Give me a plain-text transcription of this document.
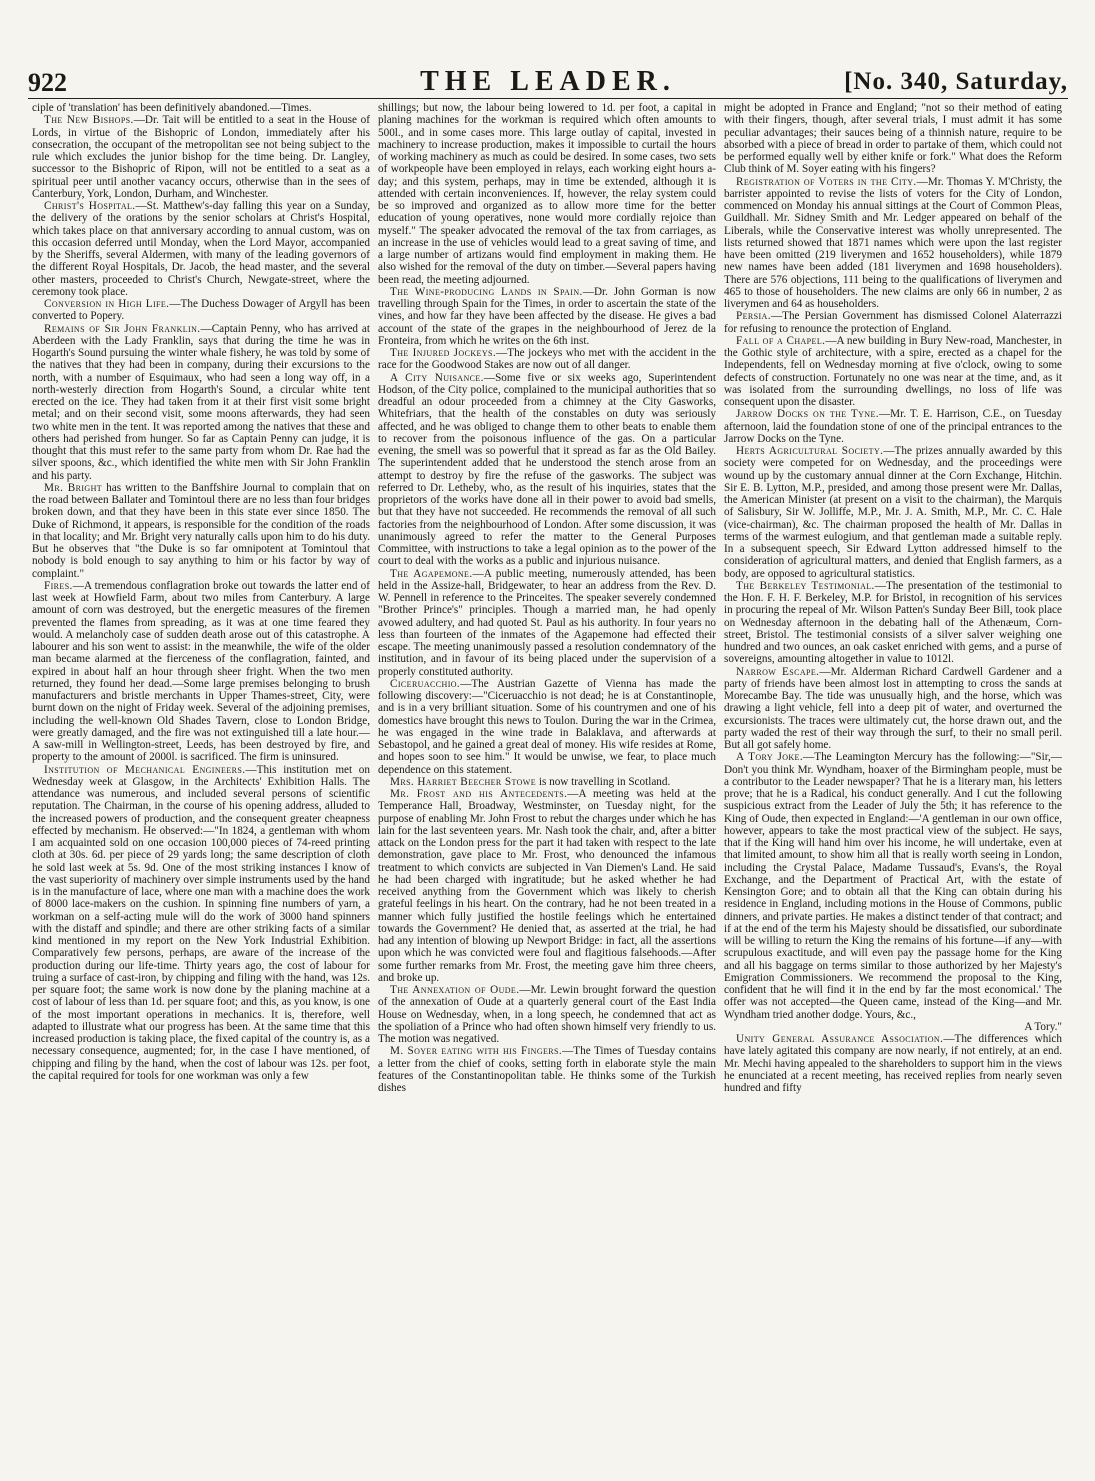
922	THE LEADER.	[No. 340, Saturday,

ciple of 'translation' has been definitively abandoned.—Times.

The New Bishops.—Dr. Tait will be entitled to a seat in the House of Lords, in virtue of the Bishopric of London, immediately after his consecration, the occupant of the metropolitan see not being subject to the rule which excludes the junior bishop for the time being. Dr. Langley, successor to the Bishopric of Ripon, will not be entitled to a seat as a spiritual peer until another vacancy occurs, otherwise than in the sees of Canterbury, York, London, Durham, and Winchester.

Christ's Hospital.—St. Matthew's-day falling this year on a Sunday, the delivery of the orations by the senior scholars at Christ's Hospital, which takes place on that anniversary according to annual custom, was on this occasion deferred until Monday, when the Lord Mayor, accompanied by the Sheriffs, several Aldermen, with many of the leading governors of the different Royal Hospitals, Dr. Jacob, the head master, and the several other masters, proceeded to Christ's Church, Newgate-street, where the ceremony took place.

Conversion in High Life.—The Duchess Dowager of Argyll has been converted to Popery.

Remains of Sir John Franklin.—Captain Penny, who has arrived at Aberdeen with the Lady Franklin, says that during the time he was in Hogarth's Sound pursuing the winter whale fishery, he was told by some of the natives that they had been in company, during their excursions to the north, with a number of Esquimaux, who had seen a long way off, in a north-westerly direction from Hogarth's Sound, a circular white tent erected on the ice. They had taken from it at their first visit some bright metal; and on their second visit, some moons afterwards, they had seen two white men in the tent. It was reported among the natives that these and others had perished from hunger. So far as Captain Penny can judge, it is thought that this must refer to the same party from whom Dr. Rae had the silver spoons, &c., which identified the white men with Sir John Franklin and his party.

Mr. Bright has written to the Banffshire Journal to complain that on the road between Ballater and Tomintoul there are no less than four bridges broken down, and that they have been in this state ever since 1850. The Duke of Richmond, it appears, is responsible for the condition of the roads in that locality; and Mr. Bright very naturally calls upon him to do his duty. But he observes that "the Duke is so far omnipotent at Tomintoul that nobody is bold enough to say anything to him or his factor by way of complaint."

Fires.—A tremendous conflagration broke out towards the latter end of last week at Howfield Farm, about two miles from Canterbury. A large amount of corn was destroyed, but the energetic measures of the firemen prevented the flames from spreading, as it was at one time feared they would. A melancholy case of sudden death arose out of this catastrophe. A labourer and his son went to assist: in the meanwhile, the wife of the older man became alarmed at the fierceness of the conflagration, fainted, and expired in about half an hour through sheer fright. When the two men returned, they found her dead.—Some large premises belonging to brush manufacturers and bristle merchants in Upper Thames-street, City, were burnt down on the night of Friday week. Several of the adjoining premises, including the well-known Old Shades Tavern, close to London Bridge, were greatly damaged, and the fire was not extinguished till a late hour.—A saw-mill in Wellington-street, Leeds, has been destroyed by fire, and property to the amount of 2000l. is sacrificed. The firm is uninsured.

Institution of Mechanical Engineers.—This institution met on Wednesday week at Glasgow, in the Architects' Exhibition Halls. The attendance was numerous, and included several persons of scientific reputation. The Chairman, in the course of his opening address, alluded to the increased powers of production, and the consequent greater cheapness effected by mechanism. He observed:—"In 1824, a gentleman with whom I am acquainted sold on one occasion 100,000 pieces of 74-reed printing cloth at 30s. 6d. per piece of 29 yards long; the same description of cloth he sold last week at 5s. 9d. One of the most striking instances I know of the vast superiority of machinery over simple instruments used by the hand is in the manufacture of lace, where one man with a machine does the work of 8000 lace-makers on the cushion. In spinning fine numbers of yarn, a workman on a self-acting mule will do the work of 3000 hand spinners with the distaff and spindle; and there are other striking facts of a similar kind mentioned in my report on the New York Industrial Exhibition. Comparatively few persons, perhaps, are aware of the increase of the production during our life-time. Thirty years ago, the cost of labour for truing a surface of cast-iron, by chipping and filing with the hand, was 12s. per square foot; the same work is now done by the planing machine at a cost of labour of less than 1d. per square foot; and this, as you know, is one of the most important operations in mechanics. It is, therefore, well adapted to illustrate what our progress has been. At the same time that this increased production is taking place, the fixed capital of the country is, as a necessary consequence, augmented; for, in the case I have mentioned, of chipping and filing by the hand, when the cost of labour was 12s. per foot, the capital required for tools for one workman was only a few

shillings; but now, the labour being lowered to 1d. per foot, a capital in planing machines for the workman is required which often amounts to 500l., and in some cases more. This large outlay of capital, invested in machinery to increase production, makes it impossible to curtail the hours of working machinery as much as could be desired. In some cases, two sets of workpeople have been employed in relays, each working eight hours a-day; and this system, perhaps, may in time be extended, although it is attended with certain inconveniences. If, however, the relay system could be so improved and organized as to allow more time for the better education of young operatives, none would more cordially rejoice than myself." The speaker advocated the removal of the tax from carriages, as an increase in the use of vehicles would lead to a great saving of time, and a large number of artizans would find employment in making them. He also wished for the removal of the duty on timber.—Several papers having been read, the meeting adjourned.

The Wine-producing Lands in Spain.—Dr. John Gorman is now travelling through Spain for the Times, in order to ascertain the state of the vines, and how far they have been affected by the disease. He gives a bad account of the state of the grapes in the neighbourhood of Jerez de la Fronteira, from which he writes on the 6th inst.

The Injured Jockeys.—The jockeys who met with the accident in the race for the Goodwood Stakes are now out of all danger.

A City Nuisance.—Some five or six weeks ago, Superintendent Hodson, of the City police, complained to the municipal authorities that so dreadful an odour proceeded from a chimney at the City Gasworks, Whitefriars, that the health of the constables on duty was seriously affected, and he was obliged to change them to other beats to enable them to recover from the poisonous influence of the gas. On a particular evening, the smell was so powerful that it spread as far as the Old Bailey. The superintendent added that he understood the stench arose from an attempt to destroy by fire the refuse of the gasworks. The subject was referred to Dr. Letheby, who, as the result of his inquiries, states that the proprietors of the works have done all in their power to avoid bad smells, but that they have not succeeded. He recommends the removal of all such factories from the neighbourhood of London. After some discussion, it was unanimously agreed to refer the matter to the General Purposes Committee, with instructions to take a legal opinion as to the power of the court to deal with the works as a public and injurious nuisance.

The Agapemone.—A public meeting, numerously attended, has been held in the Assize-hall, Bridgewater, to hear an address from the Rev. D. W. Pennell in reference to the Princeites. The speaker severely condemned "Brother Prince's" principles. Though a married man, he had openly avowed adultery, and had quoted St. Paul as his authority. In four years no less than fourteen of the inmates of the Agapemone had effected their escape. The meeting unanimously passed a resolution condemnatory of the institution, and in favour of its being placed under the supervision of a properly constituted authority.

Ciceruacchio.—The Austrian Gazette of Vienna has made the following discovery:—"Ciceruacchio is not dead; he is at Constantinople, and is in a very brilliant situation. Some of his countrymen and one of his domestics have brought this news to Toulon. During the war in the Crimea, he was engaged in the wine trade in Balaklava, and afterwards at Sebastopol, and he gained a great deal of money. His wife resides at Rome, and hopes soon to see him." It would be unwise, we fear, to place much dependence on this statement.

Mrs. Harriet Beecher Stowe is now travelling in Scotland.

Mr. Frost and his Antecedents.—A meeting was held at the Temperance Hall, Broadway, Westminster, on Tuesday night, for the purpose of enabling Mr. John Frost to rebut the charges under which he has lain for the last seventeen years. Mr. Nash took the chair, and, after a bitter attack on the London press for the part it had taken with respect to the late demonstration, gave place to Mr. Frost, who denounced the infamous treatment to which convicts are subjected in Van Diemen's Land. He said he had been charged with ingratitude; but he asked whether he had received anything from the Government which was likely to cherish grateful feelings in his heart. On the contrary, had he not been treated in a manner which fully justified the hostile feelings which he entertained towards the Government? He denied that, as asserted at the trial, he had had any intention of blowing up Newport Bridge: in fact, all the assertions upon which he was convicted were foul and flagitious falsehoods.—After some further remarks from Mr. Frost, the meeting gave him three cheers, and broke up.

The Annexation of Oude.—Mr. Lewin brought forward the question of the annexation of Oude at a quarterly general court of the East India House on Wednesday, when, in a long speech, he condemned that act as the spoliation of a Prince who had often shown himself very friendly to us. The motion was negatived.

M. Soyer eating with his Fingers.—The Times of Tuesday contains a letter from the chief of cooks, setting forth in elaborate style the main features of the Constantinopolitan table. He thinks some of the Turkish dishes

might be adopted in France and England; "not so their method of eating with their fingers, though, after several trials, I must admit it has some peculiar advantages; their sauces being of a thinnish nature, require to be absorbed with a piece of bread in order to partake of them, which could not be performed equally well by either knife or fork." What does the Reform Club think of M. Soyer eating with his fingers?

Registration of Voters in the City.—Mr. Thomas Y. M'Christy, the barrister appointed to revise the lists of voters for the City of London, commenced on Monday his annual sittings at the Court of Common Pleas, Guildhall. Mr. Sidney Smith and Mr. Ledger appeared on behalf of the Liberals, while the Conservative interest was wholly unrepresented. The lists returned showed that 1871 names which were upon the last register have been omitted (219 liverymen and 1652 householders), while 1879 new names have been added (181 liverymen and 1698 householders). There are 576 objections, 111 being to the qualifications of liverymen and 465 to those of householders. The new claims are only 66 in number, 2 as liverymen and 64 as householders.

Persia.—The Persian Government has dismissed Colonel Alaterrazzi for refusing to renounce the protection of England.

Fall of a Chapel.—A new building in Bury New-road, Manchester, in the Gothic style of architecture, with a spire, erected as a chapel for the Independents, fell on Wednesday morning at five o'clock, owing to some defects of construction. Fortunately no one was near at the time, and, as it was isolated from the surrounding dwellings, no loss of life was consequent upon the disaster.

Jarrow Docks on the Tyne.—Mr. T. E. Harrison, C.E., on Tuesday afternoon, laid the foundation stone of one of the principal entrances to the Jarrow Docks on the Tyne.

Herts Agricultural Society.—The prizes annually awarded by this society were competed for on Wednesday, and the proceedings were wound up by the customary annual dinner at the Corn Exchange, Hitchin. Sir E. B. Lytton, M.P., presided, and among those present were Mr. Dallas, the American Minister (at present on a visit to the chairman), the Marquis of Salisbury, Sir W. Jolliffe, M.P., Mr. J. A. Smith, M.P., Mr. C. C. Hale (vice-chairman), &c. The chairman proposed the health of Mr. Dallas in terms of the warmest eulogium, and that gentleman made a suitable reply. In a subsequent speech, Sir Edward Lytton addressed himself to the consideration of agricultural matters, and denied that English farmers, as a body, are opposed to agricultural statistics.

The Berkeley Testimonial.—The presentation of the testimonial to the Hon. F. H. F. Berkeley, M.P. for Bristol, in recognition of his services in procuring the repeal of Mr. Wilson Patten's Sunday Beer Bill, took place on Wednesday afternoon in the debating hall of the Athenæum, Corn-street, Bristol. The testimonial consists of a silver salver weighing one hundred and two ounces, an oak casket enriched with gems, and a purse of sovereigns, amounting altogether in value to 1012l.

Narrow Escape.—Mr. Alderman Richard Cardwell Gardener and a party of friends have been almost lost in attempting to cross the sands at Morecambe Bay. The tide was unusually high, and the horse, which was drawing a light vehicle, fell into a deep pit of water, and overturned the excursionists. The traces were ultimately cut, the horse drawn out, and the party waded the rest of their way through the surf, to their no small peril. But all got safely home.

A Tory Joke.—The Leamington Mercury has the following:—"Sir,—Don't you think Mr. Wyndham, hoaxer of the Birmingham people, must be a contributor to the Leader newspaper? That he is a literary man, his letters prove; that he is a Radical, his conduct generally. And I cut the following suspicious extract from the Leader of July the 5th; it has reference to the King of Oude, then expected in England:—'A gentleman in our own office, however, appears to take the most practical view of the subject. He says, that if the King will hand him over his income, he will undertake, even at that limited amount, to show him all that is really worth seeing in London, including the Crystal Palace, Madame Tussaud's, Evans's, the Royal Exchange, and the Department of Practical Art, with the estate of Kensington Gore; and to obtain all that the King can obtain during his residence in England, including motions in the House of Commons, public dinners, and private parties. He makes a distinct tender of that contract; and if at the end of the term his Majesty should be dissatisfied, our subordinate will be willing to return the King the remains of his fortune—if any—with scrupulous exactitude, and will even pay the passage home for the King and all his baggage on terms similar to those authorized by her Majesty's Emigration Commissioners. We recommend the proposal to the King, confident that he will find it in the end by far the most economical.' The offer was not accepted—the Queen came, instead of the King—and Mr. Wyndham tried another dodge. Yours, &c.,

A Tory."

Unity General Assurance Association.—The differences which have lately agitated this company are now nearly, if not entirely, at an end. Mr. Mechi having appealed to the shareholders to support him in the views he enunciated at a recent meeting, has received replies from nearly seven hundred and fifty
